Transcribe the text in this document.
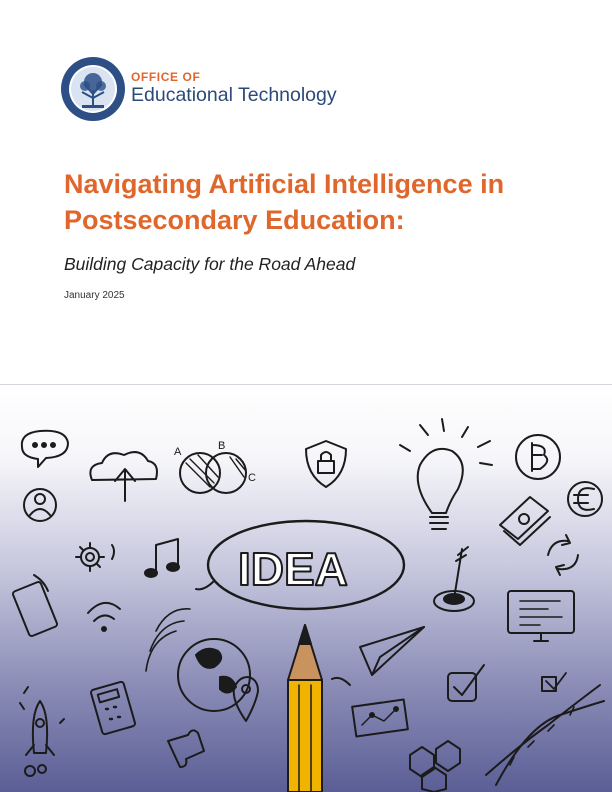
OFFICE OF
Educational Technology
Navigating Artificial Intelligence in Postsecondary Education:
Building Capacity for the Road Ahead
January 2025
A	B
C
IDEA
